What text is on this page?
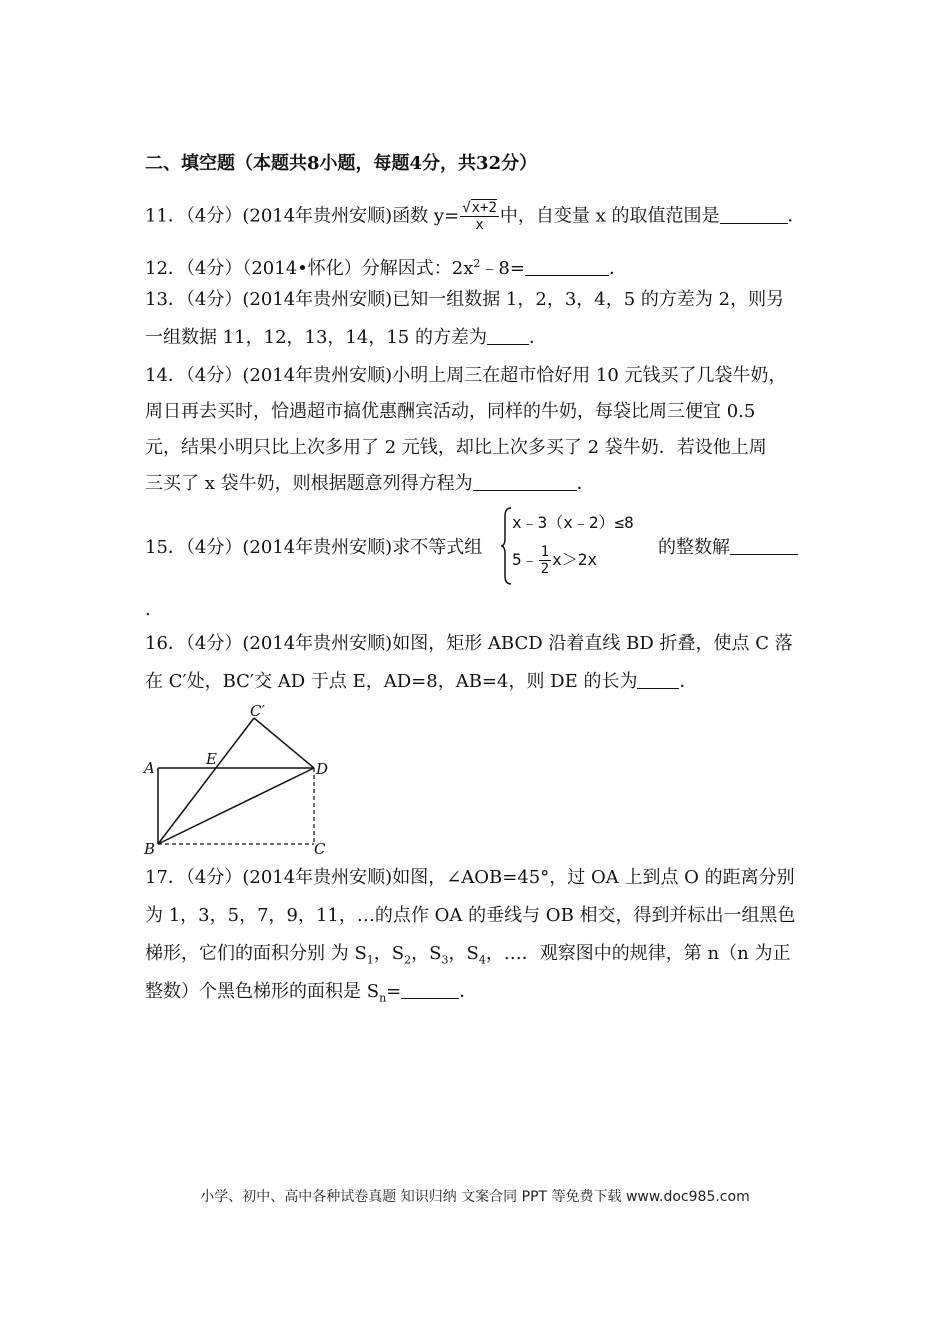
二、填空题（本题共8小题，每题4分，共32分）
11．（4分）(2014年贵州安顺)函数 $y= \frac{√x+2}{x}$ 中，自变量 x 的取值范围是	．
12．（4分）（2014•怀化）分解因式：$2x^2﹣8=$	．
13．（4分）(2014年贵州安顺)已知一组数据 1，2，3，4，5 的方差为 2，则另
一组数据 11，12，13，14，15 的方差为 ．
14．（4分）(2014年贵州安顺)小明上周三在超市恰好用 10 元钱买了几袋牛奶，
周日再去买时，恰遇超市搞优惠酬宾活动，同样的牛奶，每袋比周三便宜 0.5
元，结果小明只比上次多用了 2 元钱，却比上次多买了 2 袋牛奶．若设他上周
三买了 x 袋牛奶，则根据题意列得方程为	．
15．（4分）(2014年贵州安顺)求不等式组
x﹣3（x﹣2）≤8
5﹣ $\frac{1}{2} x>2x$
的整数解
.
16．（4分）(2014年贵州安顺)如图，矩形 ABCD 沿着直线 BD 折叠，使点 C 落
在 C′处，BC′交 AD 于点 E，AD=8，AB=4，则 DE 的长为 ．
A
B	C
D
E
C′
17．（4分）(2014年贵州安顺)如图，∠AOB=45°，过 OA 上到点 O 的距离分别
为 1，3，5，7，9，11，…的点作 OA 的垂线与 OB 相交，得到并标出一组黑色
梯形，它们的面积分别 为 $S_1$，$S_2$，$S_3$，$S_4$，…．观察图中的规律，第 n（n 为正
整数）个黑色梯形的面积是 $S_n=$	．
小学、初中、高中各种试卷真题 知识归纳 文案合同 PPT 等免费下载 www.doc985.com
